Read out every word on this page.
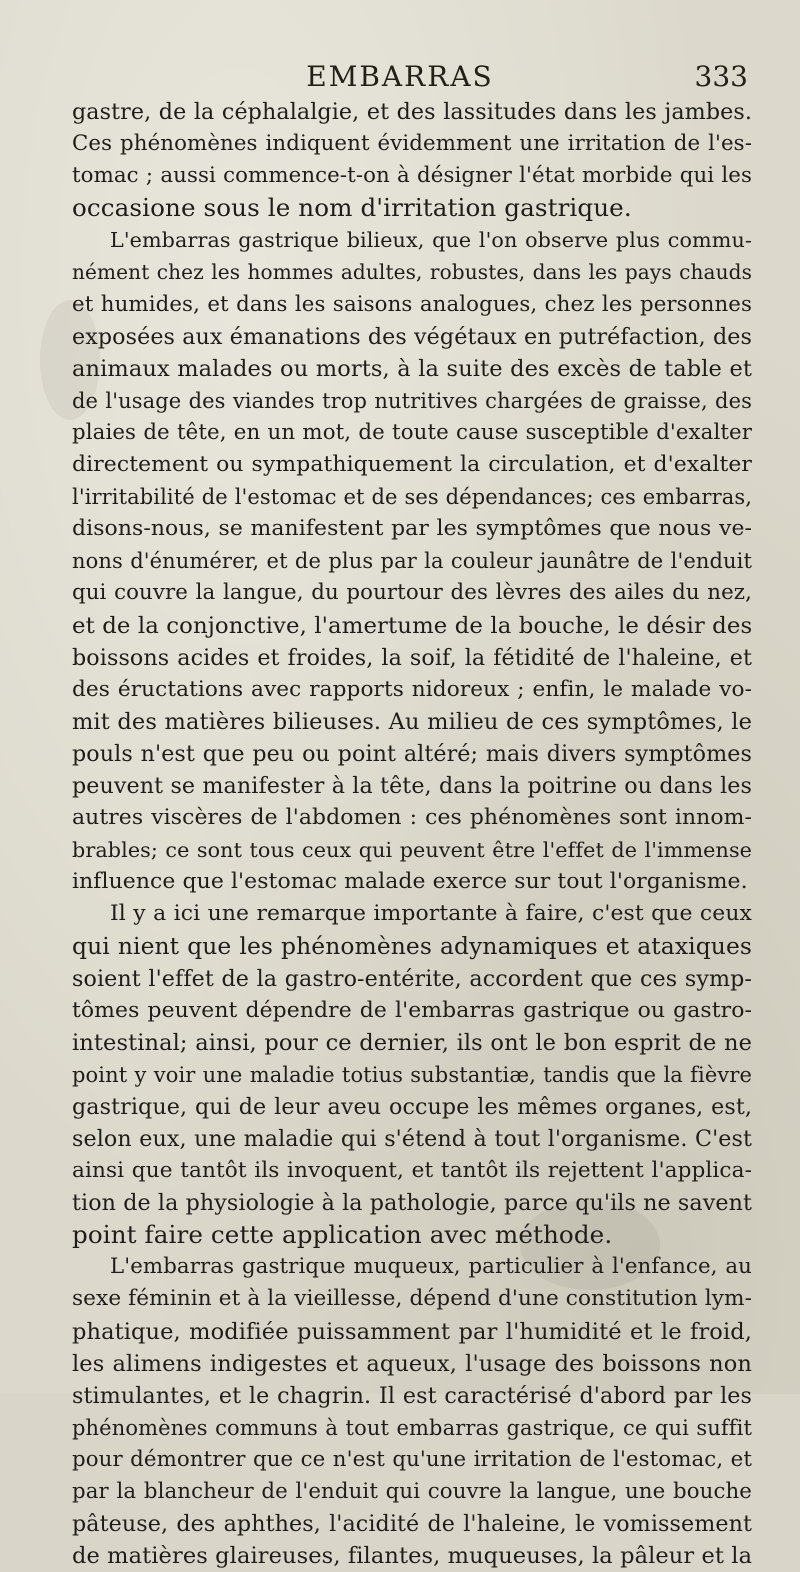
EMBARRAS	333
gastre, de la céphalalgie, et des lassitudes dans les jambes.
Ces phénomènes indiquent évidemment une irritation de l'es-
tomac ; aussi commence-t-on à désigner l'état morbide qui les
occasione sous le nom d'irritation gastrique.
L'embarras gastrique bilieux, que l'on observe plus commu-
nément chez les hommes adultes, robustes, dans les pays chauds
et humides, et dans les saisons analogues, chez les personnes
exposées aux émanations des végétaux en putréfaction, des
animaux malades ou morts, à la suite des excès de table et
de l'usage des viandes trop nutritives chargées de graisse, des
plaies de tête, en un mot, de toute cause susceptible d'exalter
directement ou sympathiquement la circulation, et d'exalter
l'irritabilité de l'estomac et de ses dépendances; ces embarras,
disons-nous, se manifestent par les symptômes que nous ve-
nons d'énumérer, et de plus par la couleur jaunâtre de l'enduit
qui couvre la langue, du pourtour des lèvres des ailes du nez,
et de la conjonctive, l'amertume de la bouche, le désir des
boissons acides et froides, la soif, la fétidité de l'haleine, et
des éructations avec rapports nidoreux ; enfin, le malade vo-
mit des matières bilieuses. Au milieu de ces symptômes, le
pouls n'est que peu ou point altéré; mais divers symptômes
peuvent se manifester à la tête, dans la poitrine ou dans les
autres viscères de l'abdomen : ces phénomènes sont innom-
brables; ce sont tous ceux qui peuvent être l'effet de l'immense
influence que l'estomac malade exerce sur tout l'organisme.
Il y a ici une remarque importante à faire, c'est que ceux
qui nient que les phénomènes adynamiques et ataxiques
soient l'effet de la gastro-entérite, accordent que ces symp-
tômes peuvent dépendre de l'embarras gastrique ou gastro-
intestinal; ainsi, pour ce dernier, ils ont le bon esprit de ne
point y voir une maladie totius substantiæ, tandis que la fièvre
gastrique, qui de leur aveu occupe les mêmes organes, est,
selon eux, une maladie qui s'étend à tout l'organisme. C'est
ainsi que tantôt ils invoquent, et tantôt ils rejettent l'applica-
tion de la physiologie à la pathologie, parce qu'ils ne savent
point faire cette application avec méthode.
L'embarras gastrique muqueux, particulier à l'enfance, au
sexe féminin et à la vieillesse, dépend d'une constitution lym-
phatique, modifiée puissamment par l'humidité et le froid,
les alimens indigestes et aqueux, l'usage des boissons non
stimulantes, et le chagrin. Il est caractérisé d'abord par les
phénomènes communs à tout embarras gastrique, ce qui suffit
pour démontrer que ce n'est qu'une irritation de l'estomac, et
par la blancheur de l'enduit qui couvre la langue, une bouche
pâteuse, des aphthes, l'acidité de l'haleine, le vomissement
de matières glaireuses, filantes, muqueuses, la pâleur et la
